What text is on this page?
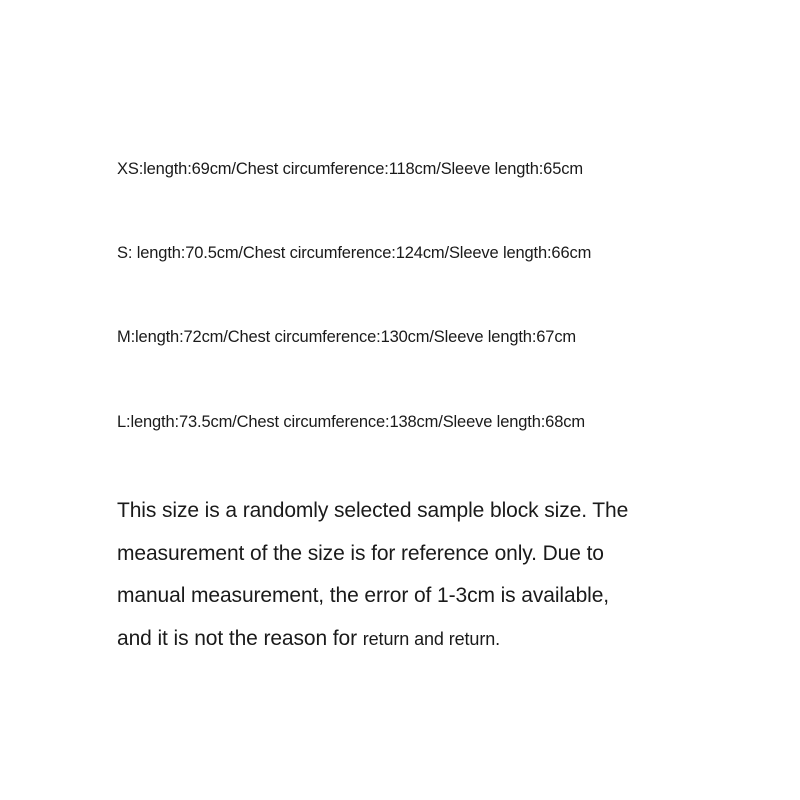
XS:length:69cm/Chest circumference:118cm/Sleeve length:65cm
S: length:70.5cm/Chest circumference:124cm/Sleeve length:66cm
M:length:72cm/Chest circumference:130cm/Sleeve length:67cm
L:length:73.5cm/Chest circumference:138cm/Sleeve length:68cm
This size is a randomly selected sample block size. The
measurement of the size is for reference only. Due to
manual measurement, the error of 1-3cm is available,
and it is not the reason for return and return.
